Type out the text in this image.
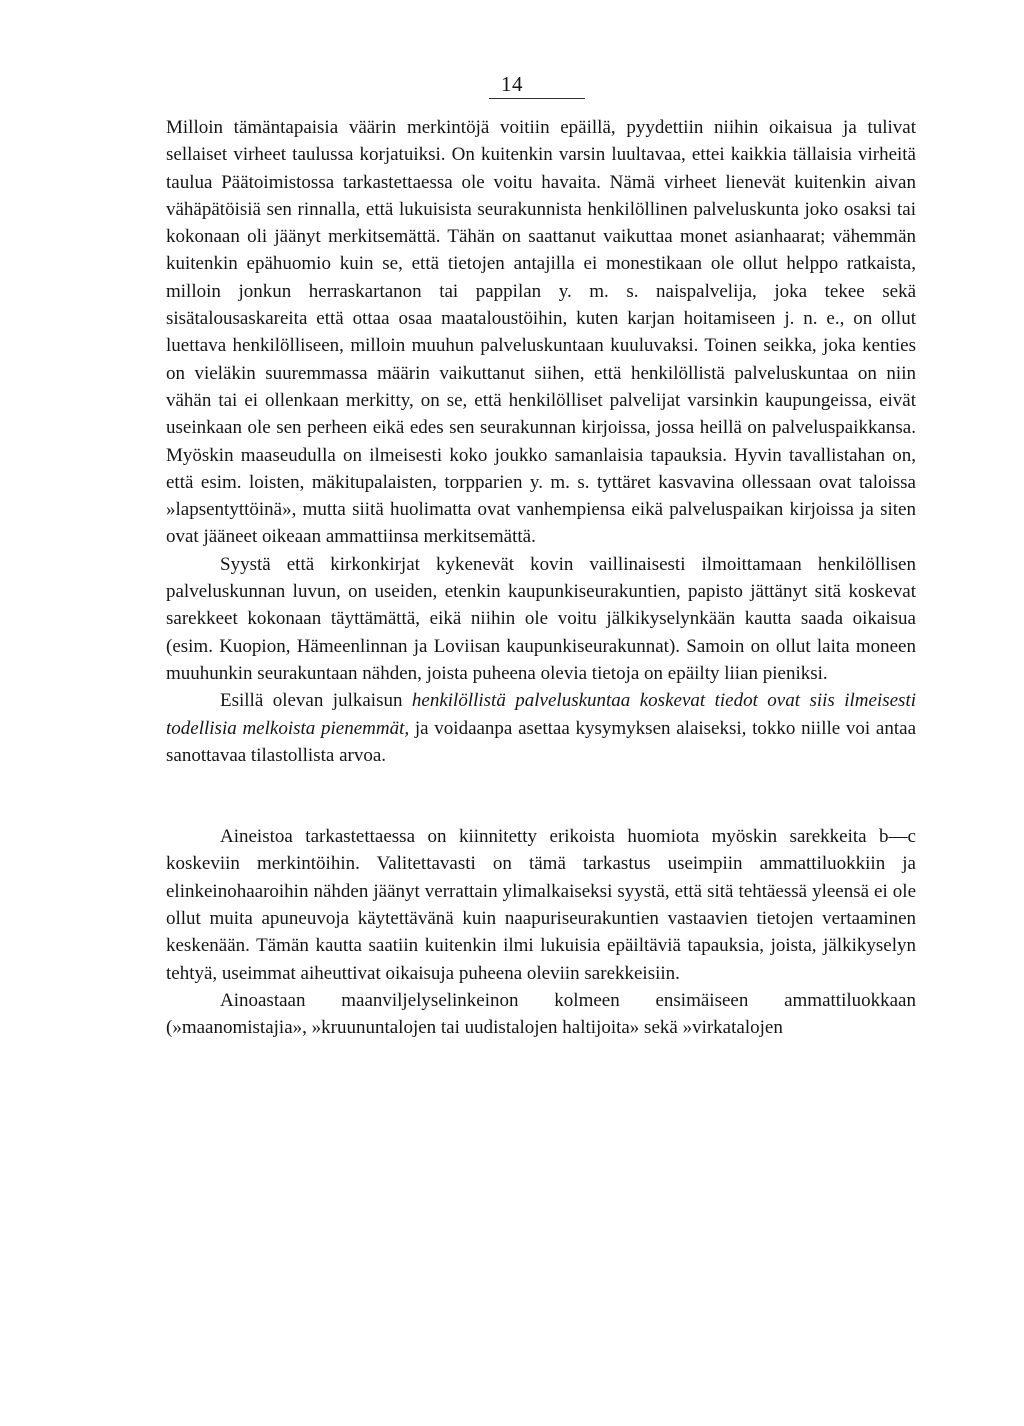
14

Milloin tämäntapaisia väärin merkintöjä voitiin epäillä, pyydettiin niihin oikaisua ja tulivat sellaiset virheet taulussa korjatuiksi. On kuitenkin varsin luultavaa, ettei kaikkia tällaisia virheitä taulua Päätoimistossa tarkastettaessa ole voitu havaita. Nämä virheet lienevät kuitenkin aivan vähäpätöisiä sen rinnalla, että lukuisista seurakunnista henkilöllinen palveluskunta joko osaksi tai kokonaan oli jäänyt merkitsemättä. Tähän on saattanut vaikuttaa monet asianhaarat; vähemmän kuitenkin epähuomio kuin se, että tietojen antajilla ei monestikaan ole ollut helppo ratkaista, milloin jonkun herraskartanon tai pappilan y. m. s. naispalvelija, joka tekee sekä sisätalousaskareita että ottaa osaa maataloustöihin, kuten karjan hoitamiseen j. n. e., on ollut luettava henkilölliseen, milloin muuhun palveluskuntaan kuuluvaksi. Toinen seikka, joka kenties on vieläkin suuremmassa määrin vaikuttanut siihen, että henkilöllistä palveluskuntaa on niin vähän tai ei ollenkaan merkitty, on se, että henkilölliset palvelijat varsinkin kaupungeissa, eivät useinkaan ole sen perheen eikä edes sen seurakunnan kirjoissa, jossa heillä on palveluspaikkansa. Myöskin maaseudulla on ilmeisesti koko joukko samanlaisia tapauksia. Hyvin tavallistahan on, että esim. loisten, mäkitupalaisten, torpparien y. m. s. tyttäret kasvavina ollessaan ovat taloissa »lapsentyttöinä», mutta siitä huolimatta ovat vanhempiensa eikä palveluspaikan kirjoissa ja siten ovat jääneet oikeaan ammattiinsa merkitsemättä.

Syystä että kirkonkirjat kykenevät kovin vaillinaisesti ilmoittamaan henkilöllisen palveluskunnan luvun, on useiden, etenkin kaupunkiseurakuntien, papisto jättänyt sitä koskevat sarekkeet kokonaan täyttämättä, eikä niihin ole voitu jälkikyselynkään kautta saada oikaisua (esim. Kuopion, Hämeenlinnan ja Loviisan kaupunkiseurakunnat). Samoin on ollut laita moneen muuhunkin seurakuntaan nähden, joista puheena olevia tietoja on epäilty liian pieniksi.

Esillä olevan julkaisun henkilöllistä palveluskuntaa koskevat tiedot ovat siis ilmeisesti todellisia melkoista pienemmät, ja voidaanpa asettaa kysymyksen alaiseksi, tokko niille voi antaa sanottavaa tilastollista arvoa.

Aineistoa tarkastettaessa on kiinnitetty erikoista huomiota myöskin sarekkeita b—c koskeviin merkintöihin. Valitettavasti on tämä tarkastus useimpiin ammattiluokkiin ja elinkeinohaaroihin nähden jäänyt verrattain ylimalkaiseksi syystä, että sitä tehtäessä yleensä ei ole ollut muita apuneuvoja käytettävänä kuin naapuriseurakuntien vastaavien tietojen vertaaminen keskenään. Tämän kautta saatiin kuitenkin ilmi lukuisia epäiltäviä tapauksia, joista, jälkikyselyn tehtyä, useimmat aiheuttivat oikaisuja puheena oleviin sarekkeisiin.

Ainoastaan maanviljelyselinkeinon kolmeen ensimäiseen ammattiluokkaan (»maanomistajia», »kruununtalojen tai uudistalojen haltijoita» sekä »virkatalojen
